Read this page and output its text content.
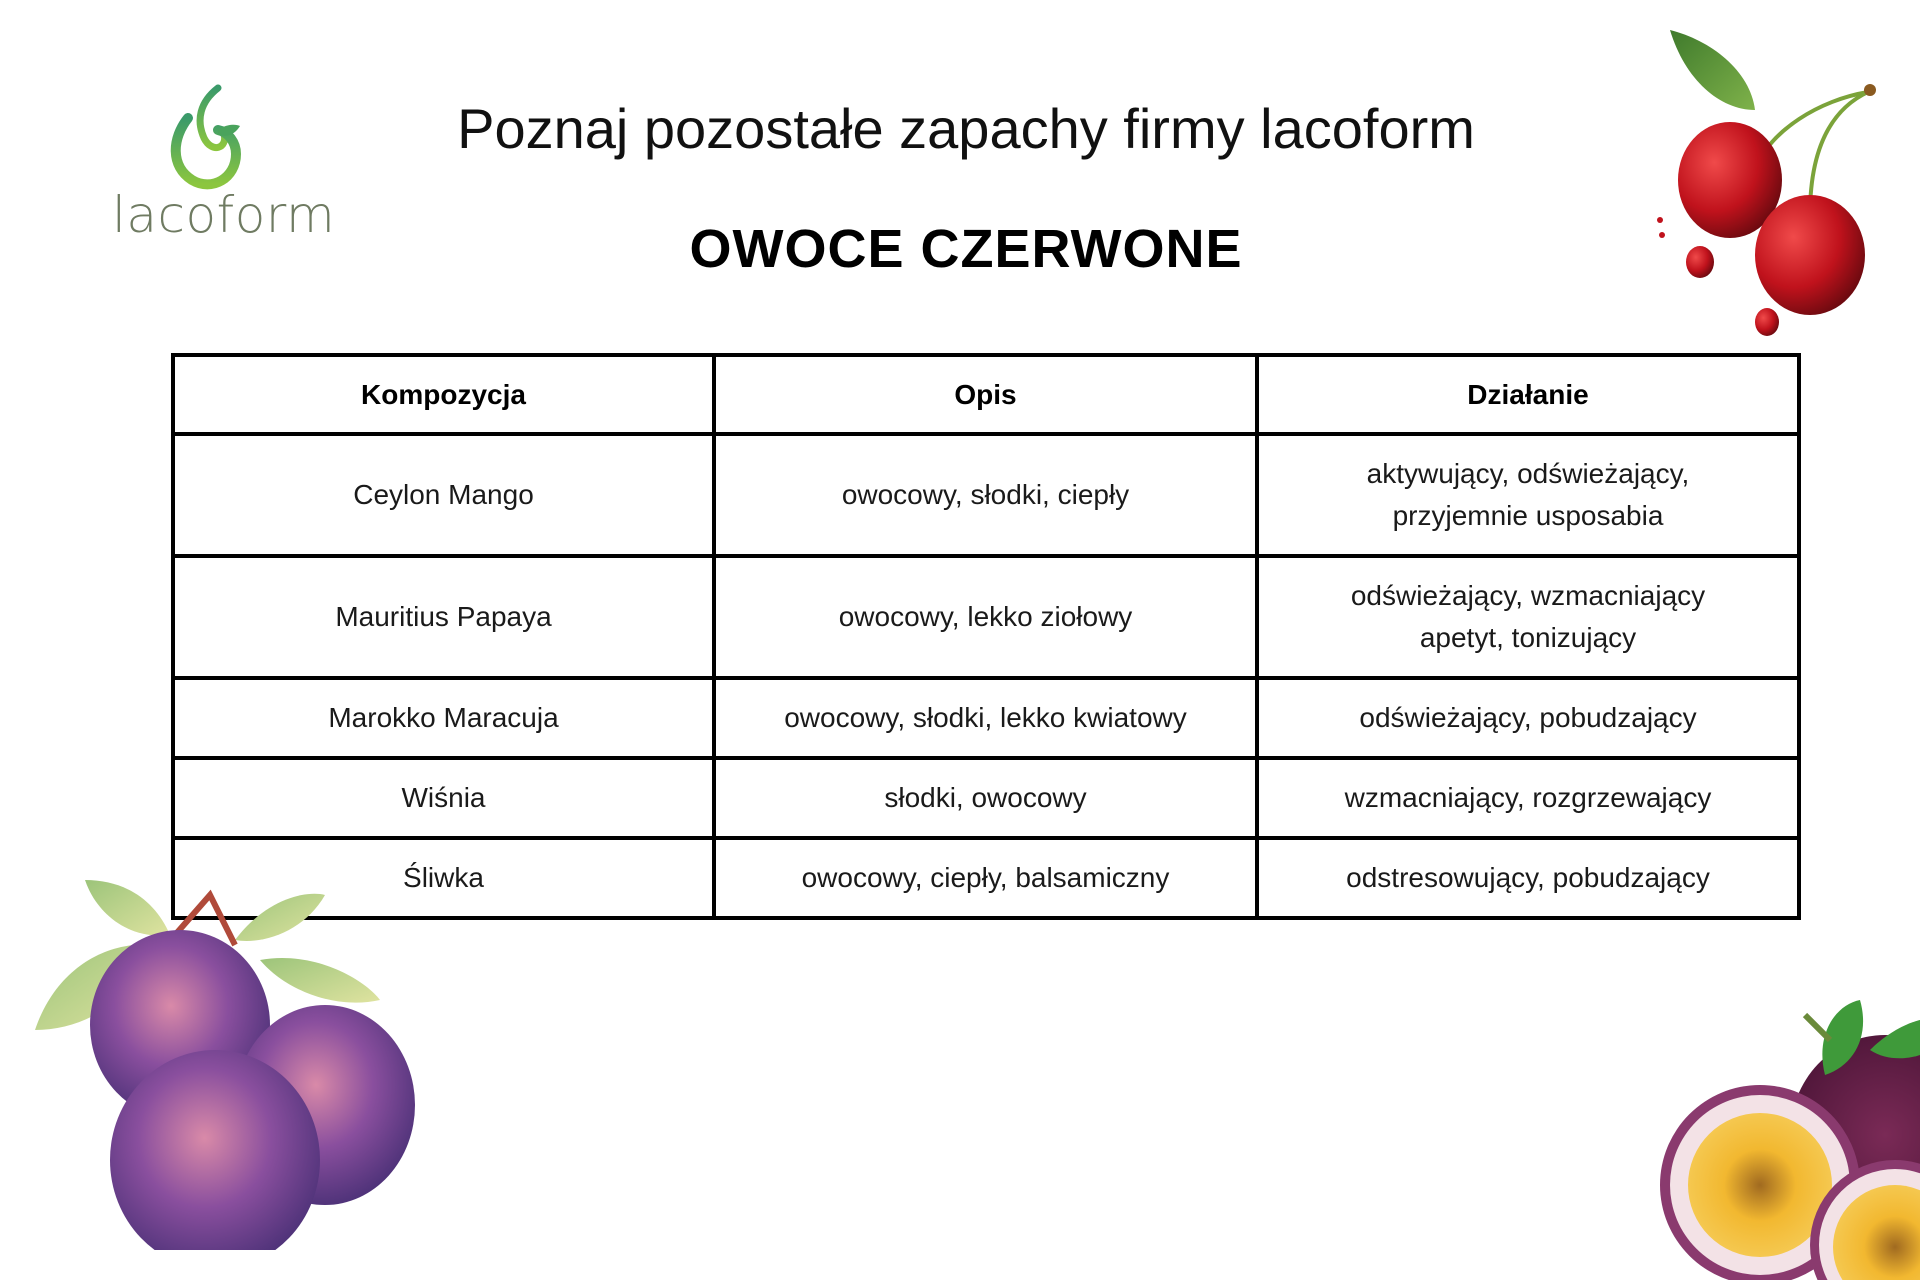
lacoform
Poznaj pozostałe zapachy firmy lacoform
OWOCE CZERWONE
Kompozycja	Opis	Działanie
Ceylon Mango	owocowy, słodki, ciepły	aktywujący, odświeżający,
przyjemnie usposabia

Mauritius Papaya	owocowy, lekko ziołowy	odświeżający, wzmacniający
apetyt, tonizujący

Marokko Maracuja	owocowy, słodki, lekko kwiatowy	odświeżający, pobudzający
Wiśnia	słodki, owocowy	wzmacniający, rozgrzewający
Śliwka	owocowy, ciepły, balsamiczny	odstresowujący, pobudzający
